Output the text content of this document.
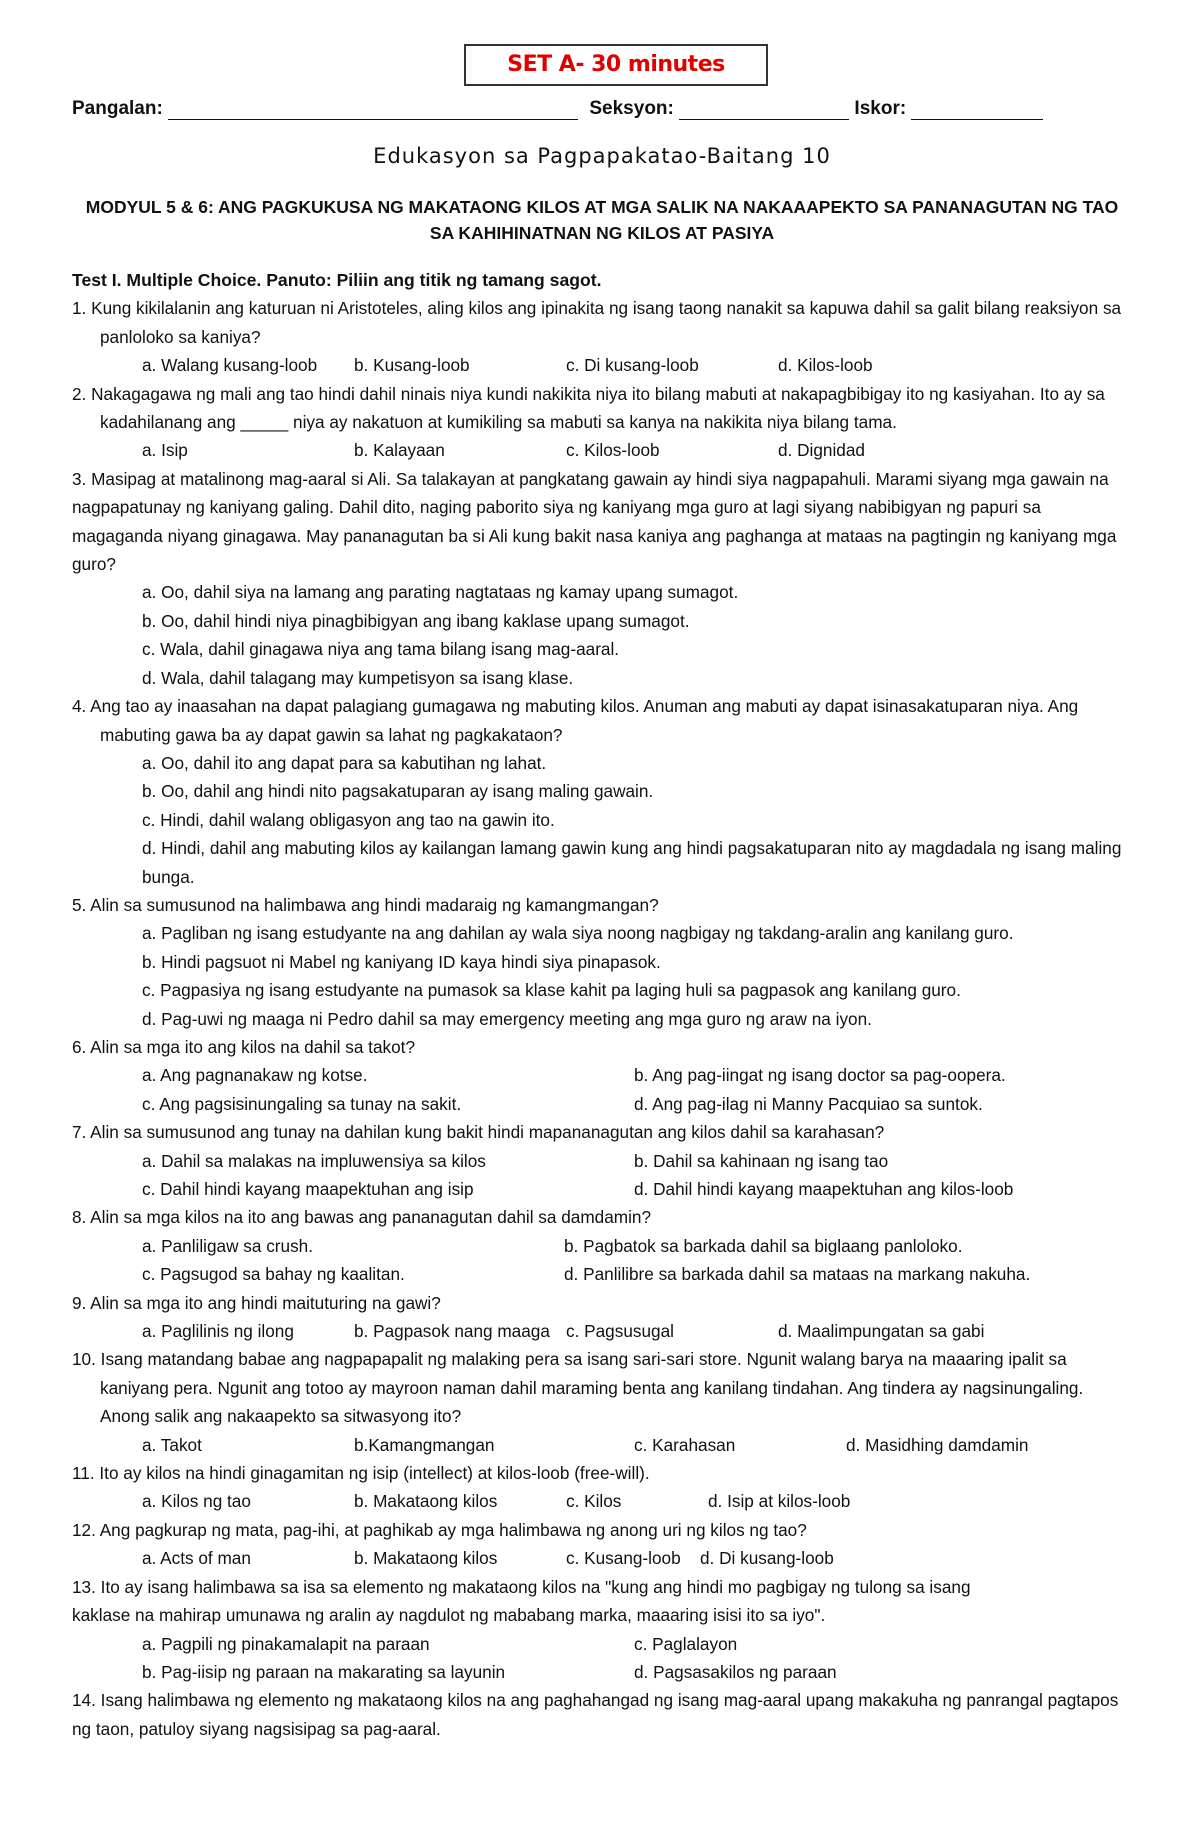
SET A- 30 minutes
Pangalan:	Seksyon:	Iskor:
Edukasyon sa Pagpapakatao-Baitang 10
MODYUL 5 & 6: ANG PAGKUKUSA NG MAKATAONG KILOS AT MGA SALIK NA NAKAAAPEKTO SA PANANAGUTAN NG TAO
SA KAHIHINATNAN NG KILOS AT PASIYA
Test I. Multiple Choice. Panuto: Piliin ang titik ng tamang sagot.
1. Kung kikilalanin ang katuruan ni Aristoteles, aling kilos ang ipinakita ng isang taong nanakit sa kapuwa dahil sa galit bilang reaksiyon sa panloloko sa kaniya?
a. Walang kusang-loob	b. Kusang-loob	c. Di kusang-loob	d. Kilos-loob
2. Nakagagawa ng mali ang tao hindi dahil ninais niya kundi nakikita niya ito bilang mabuti at nakapagbibigay ito ng kasiyahan. Ito ay sa kadahilanang ang _____ niya ay nakatuon at kumikiling sa mabuti sa kanya na nakikita niya bilang tama.
a. Isip	b. Kalayaan	c. Kilos-loob	d. Dignidad
3. Masipag at matalinong mag-aaral si Ali. Sa talakayan at pangkatang gawain ay hindi siya nagpapahuli. Marami siyang mga gawain na nagpapatunay ng kaniyang galing. Dahil dito, naging paborito siya ng kaniyang mga guro at lagi siyang nabibigyan ng papuri sa magaganda niyang ginagawa. May pananagutan ba si Ali kung bakit nasa kaniya ang paghanga at mataas na pagtingin ng kaniyang mga guro?
a. Oo, dahil siya na lamang ang parating nagtataas ng kamay upang sumagot.
b. Oo, dahil hindi niya pinagbibigyan ang ibang kaklase upang sumagot.
c. Wala, dahil ginagawa niya ang tama bilang isang mag-aaral.
d. Wala, dahil talagang may kumpetisyon sa isang klase.
4. Ang tao ay inaasahan na dapat palagiang gumagawa ng mabuting kilos. Anuman ang mabuti ay dapat isinasakatuparan niya. Ang mabuting gawa ba ay dapat gawin sa lahat ng pagkakataon?
a. Oo, dahil ito ang dapat para sa kabutihan ng lahat.
b. Oo, dahil ang hindi nito pagsakatuparan ay isang maling gawain.
c. Hindi, dahil walang obligasyon ang tao na gawin ito.
d. Hindi, dahil ang mabuting kilos ay kailangan lamang gawin kung ang hindi pagsakatuparan nito ay magdadala ng isang maling bunga.
5. Alin sa sumusunod na halimbawa ang hindi madaraig ng kamangmangan?
a. Pagliban ng isang estudyante na ang dahilan ay wala siya noong nagbigay ng takdang-aralin ang kanilang guro.
b. Hindi pagsuot ni Mabel ng kaniyang ID kaya hindi siya pinapasok.
c. Pagpasiya ng isang estudyante na pumasok sa klase kahit pa laging huli sa pagpasok ang kanilang guro.
d. Pag-uwi ng maaga ni Pedro dahil sa may emergency meeting ang mga guro ng araw na iyon.
6. Alin sa mga ito ang kilos na dahil sa takot?
a. Ang pagnanakaw ng kotse.	b. Ang pag-iingat ng isang doctor sa pag-oopera.
c. Ang pagsisinungaling sa tunay na sakit.	d. Ang pag-ilag ni Manny Pacquiao sa suntok.
7. Alin sa sumusunod ang tunay na dahilan kung bakit hindi mapananagutan ang kilos dahil sa karahasan?
a. Dahil sa malakas na impluwensiya sa kilos	b. Dahil sa kahinaan ng isang tao
c. Dahil hindi kayang maapektuhan ang isip	d. Dahil hindi kayang maapektuhan ang kilos-loob
8. Alin sa mga kilos na ito ang bawas ang pananagutan dahil sa damdamin?
a. Panliligaw sa crush.	b. Pagbatok sa barkada dahil sa biglaang panloloko.
c. Pagsugod sa bahay ng kaalitan.	d. Panlilibre sa barkada dahil sa mataas na markang nakuha.
9. Alin sa mga ito ang hindi maituturing na gawi?
a. Paglilinis ng ilong	b. Pagpasok nang maaga c. Pagsusugal	d. Maalimpungatan sa gabi
10. Isang matandang babae ang nagpapapalit ng malaking pera sa isang sari-sari store. Ngunit walang barya na maaaring ipalit sa kaniyang pera. Ngunit ang totoo ay mayroon naman dahil maraming benta ang kanilang tindahan. Ang tindera ay nagsinungaling. Anong salik ang nakaapekto sa sitwasyong ito?
a. Takot	b.Kamangmangan	c. Karahasan	d. Masidhing damdamin
11. Ito ay kilos na hindi ginagamitan ng isip (intellect) at kilos-loob (free-will).
a. Kilos ng tao	b. Makataong kilos	c. Kilos	d. Isip at kilos-loob
12. Ang pagkurap ng mata, pag-ihi, at paghikab ay mga halimbawa ng anong uri ng kilos ng tao?
a. Acts of man	b. Makataong kilos	c. Kusang-loob	d. Di kusang-loob
13. Ito ay isang halimbawa sa isa sa elemento ng makataong kilos na "kung ang hindi mo pagbigay ng tulong sa isang kaklase na mahirap umunawa ng aralin ay nagdulot ng mababang marka, maaaring isisi ito sa iyo".
a. Pagpili ng pinakamalapit na paraan	c. Paglalayon
b. Pag-iisip ng paraan na makarating sa layunin	d. Pagsasakilos ng paraan
14. Isang halimbawa ng elemento ng makataong kilos na ang paghahangad ng isang mag-aaral upang makakuha ng panrangal pagtapos ng taon, patuloy siyang nagsisipag sa pag-aaral.
